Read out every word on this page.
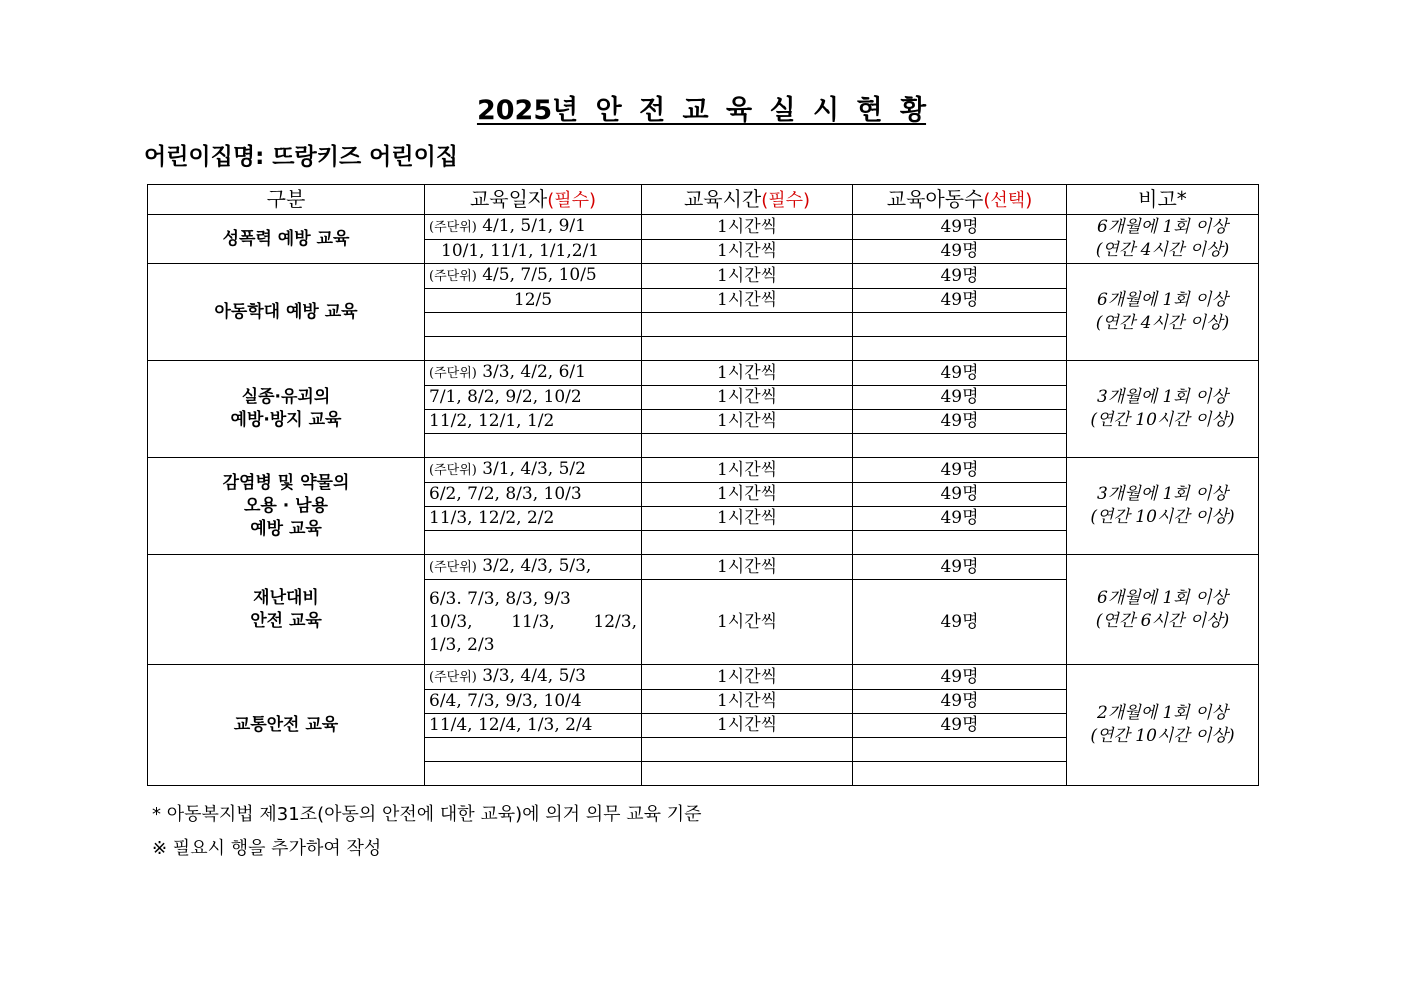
2025년 안 전 교 육 실 시 현 황
어린이집명: 뜨랑키즈 어린이집
구분	교육일자(필수)	교육시간(필수)	교육아동수(선택)	비고*
성폭력 예방 교육	(주단위) 4/1, 5/1, 9/1	1시간씩	49명	6개월에 1회 이상
(연간 4시간 이상)
	10/1, 11/1, 1/1,2/1	1시간씩	49명	
아동학대 예방 교육	(주단위) 4/5, 7/5, 10/5	1시간씩	49명	6개월에 1회 이상
(연간 4시간 이상)
	12/5	1시간씩	49명	

실종·유괴의
예방·방지 교육	(주단위) 3/3, 4/2, 6/1	1시간씩	49명	3개월에 1회 이상
(연간 10시간 이상)
	7/1, 8/2, 9/2, 10/2	1시간씩	49명	
	11/2, 12/1, 1/2	1시간씩	49명	

감염병 및 약물의
오용 · 남용
예방 교육	(주단위) 3/1, 4/3, 5/2	1시간씩	49명	3개월에 1회 이상
(연간 10시간 이상)
	6/2, 7/2, 8/3, 10/3	1시간씩	49명	
	11/3, 12/2, 2/2	1시간씩	49명	

재난대비
안전 교육	(주단위) 3/2, 4/3, 5/3,	1시간씩	49명	6개월에 1회 이상
(연간 6시간 이상)

	6/3. 7/3, 8/3, 9/3
10/3, 11/3, 12/3,
1/3, 2/3	1시간씩	49명	
교통안전 교육	(주단위) 3/3, 4/4, 5/3	1시간씩	49명	2개월에 1회 이상
(연간 10시간 이상)
	6/4, 7/3, 9/3, 10/4	1시간씩	49명	
	11/4, 12/4, 1/3, 2/4	1시간씩	49명	

* 아동복지법 제31조(아동의 안전에 대한 교육)에 의거 의무 교육 기준
※ 필요시 행을 추가하여 작성
